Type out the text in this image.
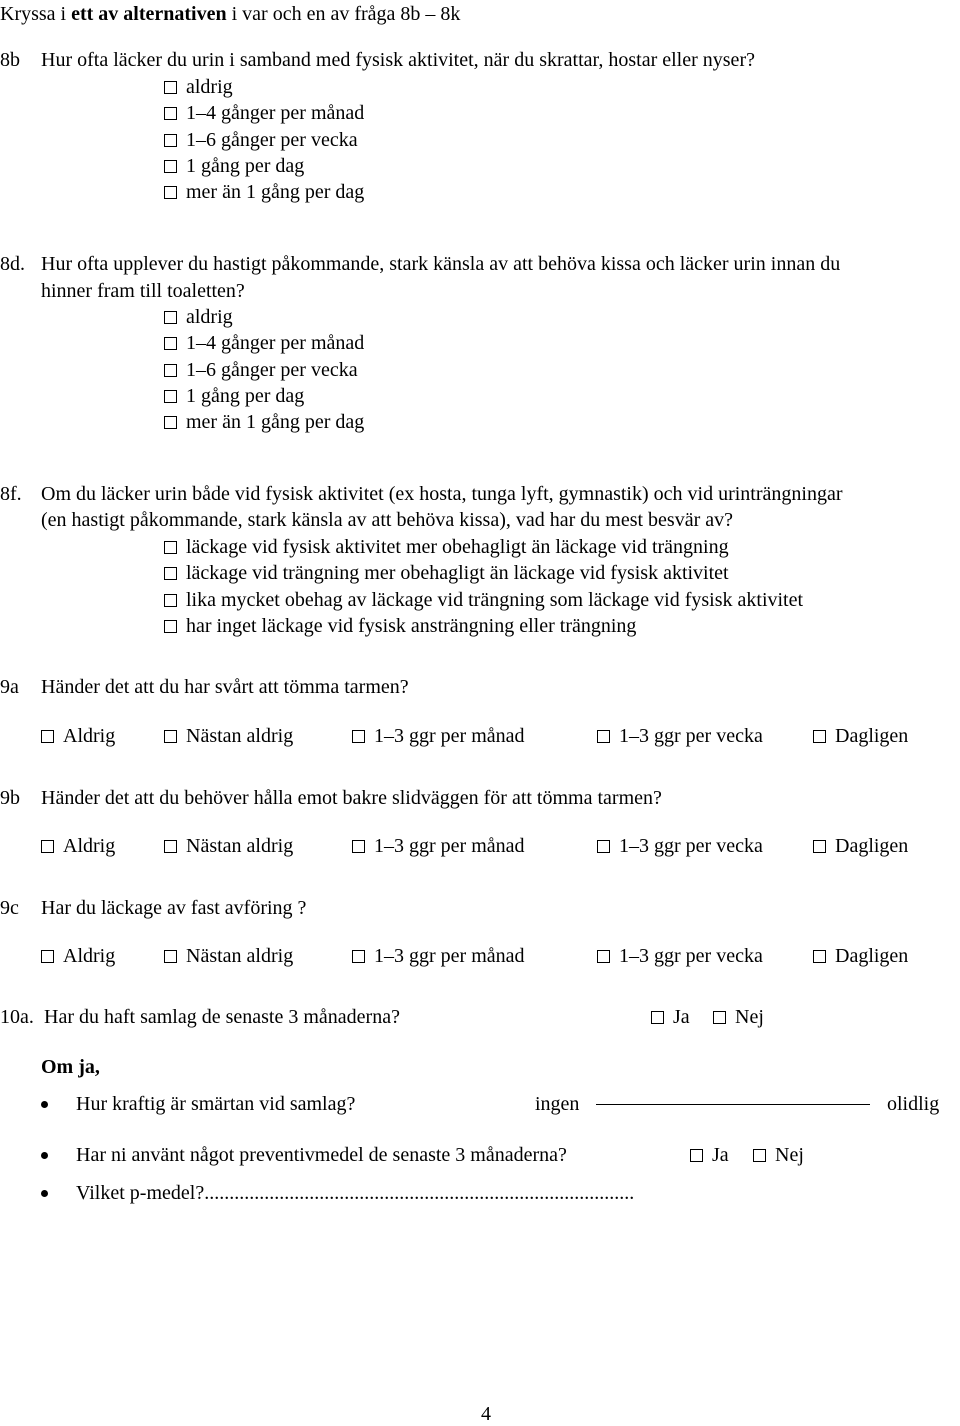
Kryssa i ett av alternativen i var och en av fråga 8b – 8k
8b Hur ofta läcker du urin i samband med fysisk aktivitet, när du skrattar, hostar eller nyser?
aldrig
1–4 gånger per månad
1–6 gånger per vecka
1 gång per dag
mer än 1 gång per dag
8d. Hur ofta upplever du hastigt påkommande, stark känsla av att behöva kissa och läcker urin innan du
hinner fram till toaletten?
aldrig
1–4 gånger per månad
1–6 gånger per vecka
1 gång per dag
mer än 1 gång per dag
8f. Om du läcker urin både vid fysisk aktivitet (ex hosta, tunga lyft, gymnastik) och vid urinträngningar
(en hastigt påkommande, stark känsla av att behöva kissa), vad har du mest besvär av?
läckage vid fysisk aktivitet mer obehagligt än läckage vid trängning
läckage vid trängning mer obehagligt än läckage vid fysisk aktivitet
lika mycket obehag av läckage vid trängning som läckage vid fysisk aktivitet
har inget läckage vid fysisk ansträngning eller trängning
9a Händer det att du har svårt att tömma tarmen?
Aldrig	Nästan aldrig	1–3 ggr per månad	1–3 ggr per vecka	Dagligen
9b Händer det att du behöver hålla emot bakre slidväggen för att tömma tarmen?
Aldrig	Nästan aldrig	1–3 ggr per månad	1–3 ggr per vecka	Dagligen
9c Har du läckage av fast avföring ?
Aldrig	Nästan aldrig	1–3 ggr per månad	1–3 ggr per vecka	Dagligen
10a. Har du haft samlag de senaste 3 månaderna?	Ja	Nej
Om ja,
Hur kraftig är smärtan vid samlag?	ingen	olidlig
Har ni använt något preventivmedel de senaste 3 månaderna?	Ja	Nej
Vilket p-medel?......................................................................................
4
